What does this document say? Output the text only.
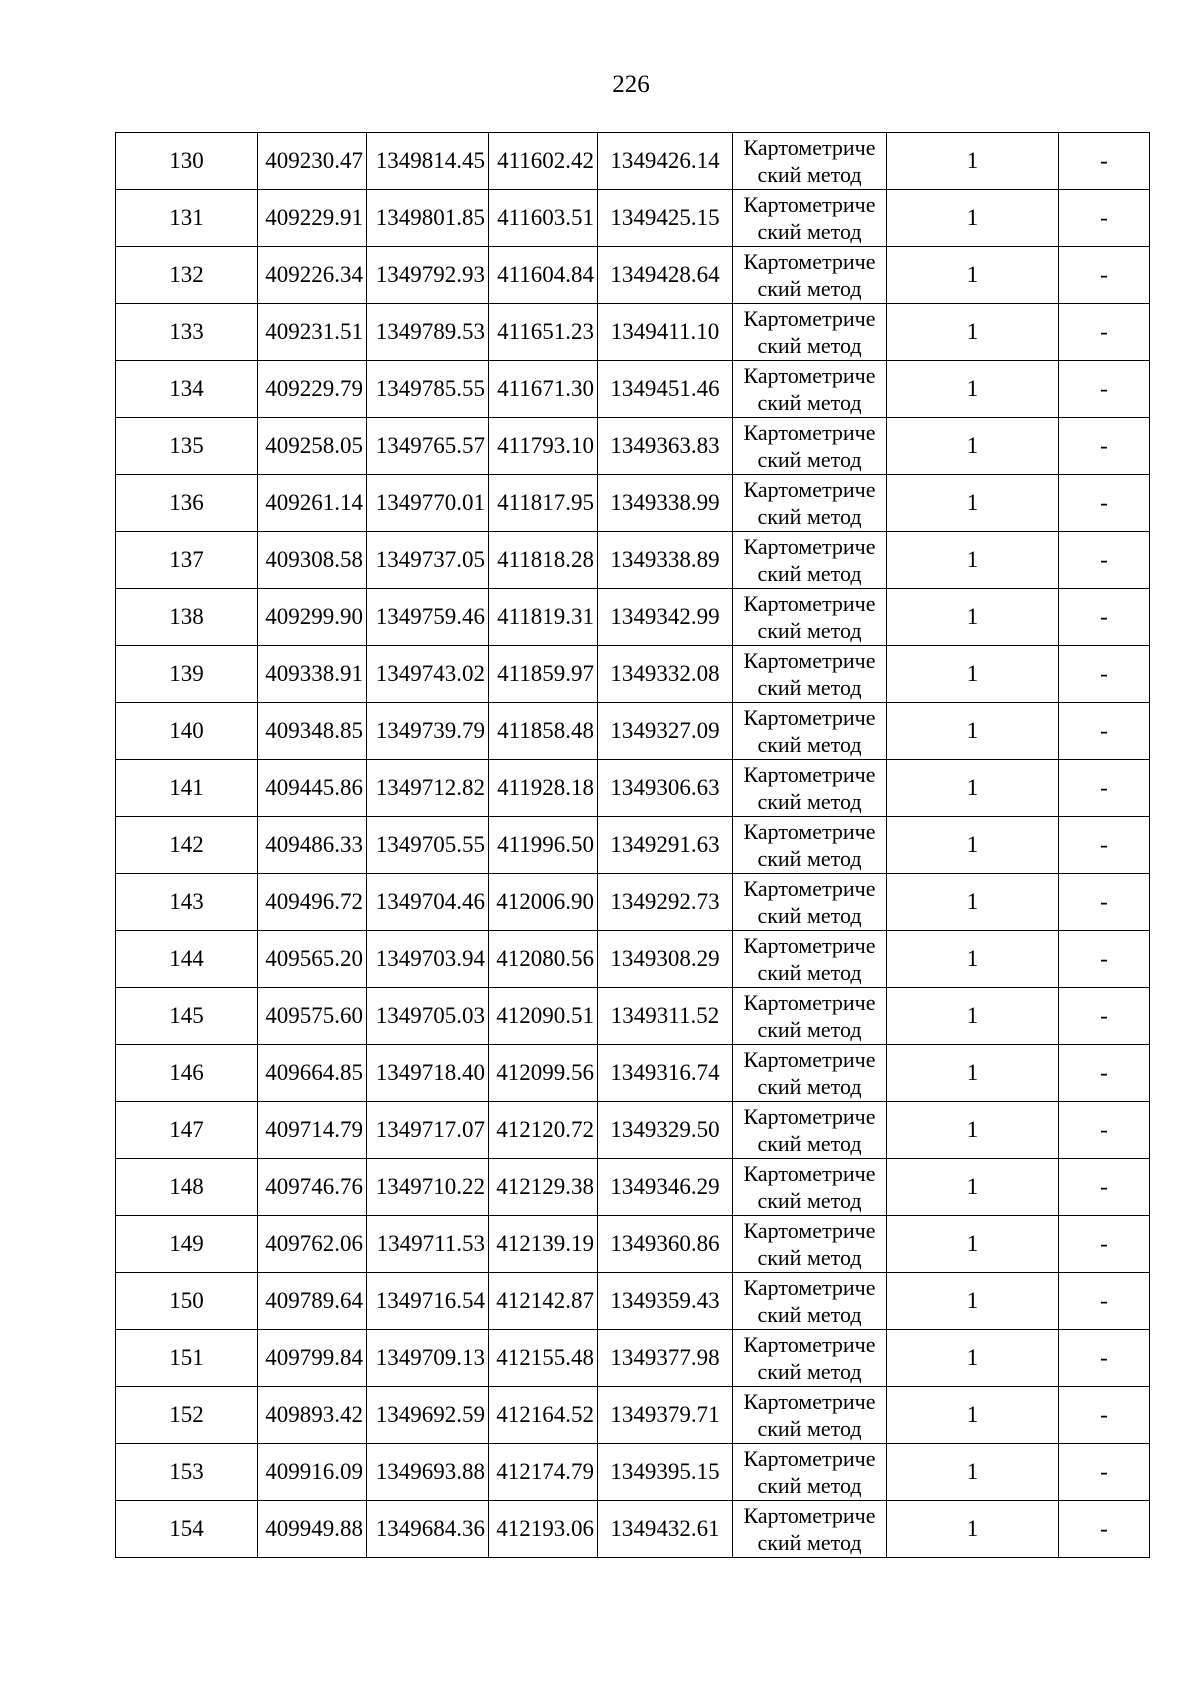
226
130	409230.47	1349814.45	411602.42	1349426.14	Картометриче
ский метод	1	-
131	409229.91	1349801.85	411603.51	1349425.15	Картометриче
ский метод	1	-
132	409226.34	1349792.93	411604.84	1349428.64	Картометриче
ский метод	1	-
133	409231.51	1349789.53	411651.23	1349411.10	Картометриче
ский метод	1	-
134	409229.79	1349785.55	411671.30	1349451.46	Картометриче
ский метод	1	-
135	409258.05	1349765.57	411793.10	1349363.83	Картометриче
ский метод	1	-
136	409261.14	1349770.01	411817.95	1349338.99	Картометриче
ский метод	1	-
137	409308.58	1349737.05	411818.28	1349338.89	Картометриче
ский метод	1	-
138	409299.90	1349759.46	411819.31	1349342.99	Картометриче
ский метод	1	-
139	409338.91	1349743.02	411859.97	1349332.08	Картометриче
ский метод	1	-
140	409348.85	1349739.79	411858.48	1349327.09	Картометриче
ский метод	1	-
141	409445.86	1349712.82	411928.18	1349306.63	Картометриче
ский метод	1	-
142	409486.33	1349705.55	411996.50	1349291.63	Картометриче
ский метод	1	-
143	409496.72	1349704.46	412006.90	1349292.73	Картометриче
ский метод	1	-
144	409565.20	1349703.94	412080.56	1349308.29	Картометриче
ский метод	1	-
145	409575.60	1349705.03	412090.51	1349311.52	Картометриче
ский метод	1	-
146	409664.85	1349718.40	412099.56	1349316.74	Картометриче
ский метод	1	-
147	409714.79	1349717.07	412120.72	1349329.50	Картометриче
ский метод	1	-
148	409746.76	1349710.22	412129.38	1349346.29	Картометриче
ский метод	1	-
149	409762.06	1349711.53	412139.19	1349360.86	Картометриче
ский метод	1	-
150	409789.64	1349716.54	412142.87	1349359.43	Картометриче
ский метод	1	-
151	409799.84	1349709.13	412155.48	1349377.98	Картометриче
ский метод	1	-
152	409893.42	1349692.59	412164.52	1349379.71	Картометриче
ский метод	1	-
153	409916.09	1349693.88	412174.79	1349395.15	Картометриче
ский метод	1	-
154	409949.88	1349684.36	412193.06	1349432.61	Картометриче
ский метод	1	-
